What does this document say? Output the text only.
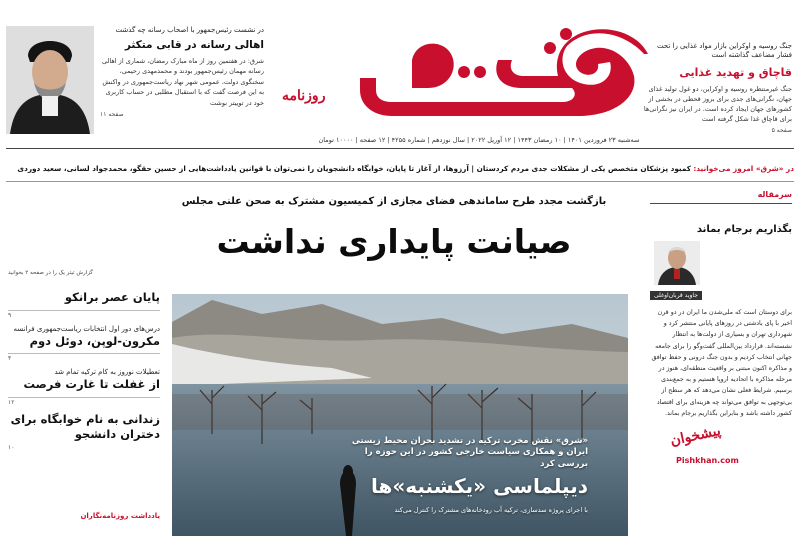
جنگ روسیه و اوکراین بازار مواد غذایی را تحت فشار مضاعف گذاشته است
قاچاق و تهدید غذایی
جنگ غیرمنتظره روسیه و اوکراین، دو غول تولید غذای جهان، نگرانی‌های جدی برای بروز قحطی در بخشی از کشورهای جهان ایجاد کرده است. در ایران نیز نگرانی‌ها برای قاچاق غذا شکل گرفته است
صفحه ۵
روزنامه
در نشست رئیس‌جمهور با اصحاب رسانه چه گذشت
اهالی رسانه در قابی متکثر
شرق: در هفتمین روز از ماه مبارک رمضان، شماری از اهالی رسانه مهمان رئیس‌جمهور بودند و محمدمهدی رحیمی، سخنگوی دولت، عمومی شهر نهاد ریاست‌جمهوری در واکنش به این فرصت گفت که با استقبال مطلبی در حساب کاربری خود در توییتر نوشت
صفحه ۱۱
سه‌شنبه ۲۳ فروردین ۱۴۰۱ | ۱۰ رمضان ۱۴۴۳ | ۱۲ آوریل ۲۰۲۲ | سال نوزدهم | شماره ۴۲۵۵ | ۱۲ صفحه | ۱۰۰۰۰ تومان
در «شرق» امروز می‌خوانید: کمبود پزشکان متخصص یکی از مشکلات جدی مردم کردستان | آرزوها، از آغاز تا پایان، خوابگاه دانشجویان را نمی‌توان با قوانین یادداشت‌هایی از حسین حقگو، محمدجواد لسانی، سعید دوردی
سرمقاله
بگذاریم برجام بماند
جاوید قربان‌اوغلی
برای دوستان است که ملی‌شدن ما ایران در دو قرن اخیر با پای بادشتی در روزهای پایانی منتشر کرد و شهرداری تهران و بسیاری از دولت‌ها به انتظار نشسته‌اند. قرارداد بین‌المللی گفت‌وگو را برای جامعه جهانی انتخاب کردیم و بدون جنگ درونی و حفظ توافق و مذاکره اکنون مبتنی بر واقعیت منطقه‌ای، هنوز در مرحله مذاکره با اتحادیه اروپا هستیم و به جمع‌بندی برسیم. شرایط فعلی نشان می‌دهد که هر سطح از بی‌توجهی به توافق می‌تواند چه هزینه‌ای برای اقتصاد کشور داشته باشد و بنابراین بگذاریم برجام بماند.
بازگشت مجدد طرح ساماندهی فضای مجازی از کمیسیون مشترک به صحن علنی مجلس
صیانت پایداری نداشت
گزارش تیتر یک را در صفحه ۲ بخوانید
«شرق» نقش مخرب ترکیه در تشدید بحران محیط زیستی ایران و همکاری سیاست خارجی کشور در این حوزه را بررسی کرد
دیپلماسی «یکشنبه»ها
با اجرای پروژه سدسازی، ترکیه آب رودخانه‌های مشترک را کنترل می‌کند
پایان عصر برانکو
۹
درس‌های دور اول انتخابات ریاست‌جمهوری فرانسه
مکرون-لوپن، دوئل دوم
۴
تعطیلات نوروز به کام ترکیه تمام شد
از غفلت تا غارت فرصت
۱۲
زندانی به نام خوابگاه برای دختران دانشجو
۱۰
یادداشت روزنامه‌نگاران
پیشخوان
Pishkhan.com
